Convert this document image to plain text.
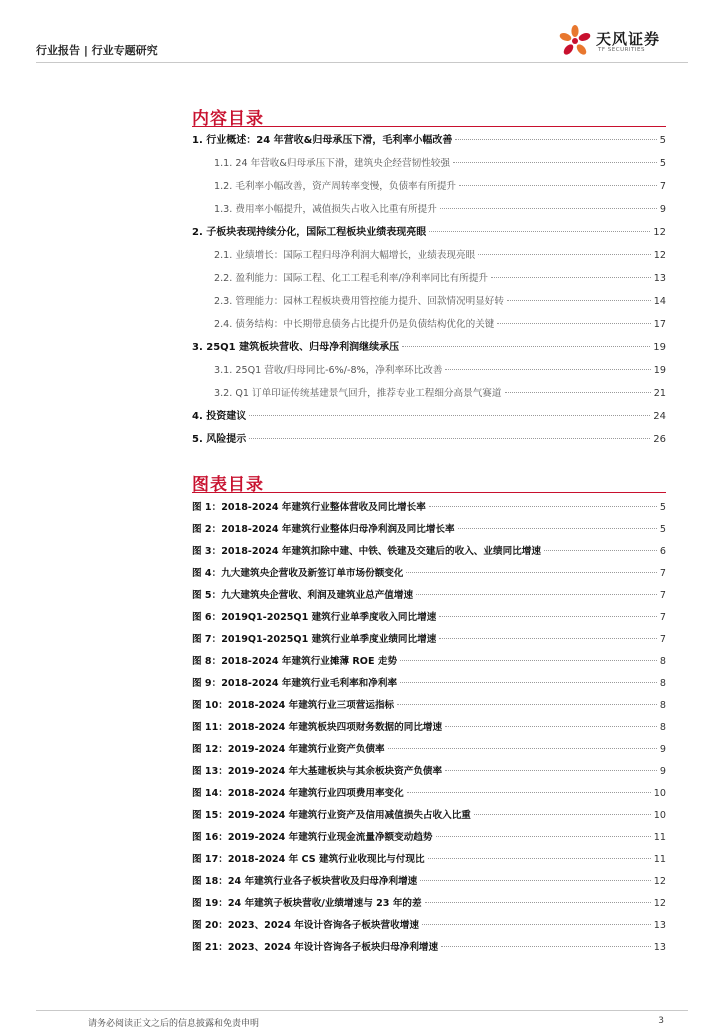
行业报告 | 行业专题研究
天风证券
TF SECURITIES
内容目录
1. 行业概述：24 年营收&归母承压下滑，毛利率小幅改善	5
1.1. 24 年营收&归母承压下滑，建筑央企经营韧性较强	5
1.2. 毛利率小幅改善，资产周转率变慢，负债率有所提升	7
1.3. 费用率小幅提升，减值损失占收入比重有所提升	9
2. 子板块表现持续分化，国际工程板块业绩表现亮眼	12
2.1. 业绩增长：国际工程归母净利润大幅增长，业绩表现亮眼	12
2.2. 盈利能力：国际工程、化工工程毛利率/净利率同比有所提升	13
2.3. 管理能力：园林工程板块费用管控能力提升、回款情况明显好转	14
2.4. 债务结构：中长期带息债务占比提升仍是负债结构优化的关键	17
3. 25Q1 建筑板块营收、归母净利润继续承压	19
3.1. 25Q1 营收/归母同比-6%/-8%，净利率环比改善	19
3.2. Q1 订单印证传统基建景气回升，推荐专业工程细分高景气赛道	21
4. 投资建议	24
5. 风险提示	26
图表目录
图 1：2018-2024 年建筑行业整体营收及同比增长率	5
图 2：2018-2024 年建筑行业整体归母净利润及同比增长率	5
图 3：2018-2024 年建筑扣除中建、中铁、铁建及交建后的收入、业绩同比增速	6
图 4：九大建筑央企营收及新签订单市场份额变化	7
图 5：九大建筑央企营收、利润及建筑业总产值增速	7
图 6：2019Q1-2025Q1 建筑行业单季度收入同比增速	7
图 7：2019Q1-2025Q1 建筑行业单季度业绩同比增速	7
图 8：2018-2024 年建筑行业摊薄 ROE 走势	8
图 9：2018-2024 年建筑行业毛利率和净利率	8
图 10：2018-2024 年建筑行业三项营运指标	8
图 11：2018-2024 年建筑板块四项财务数据的同比增速	8
图 12：2019-2024 年建筑行业资产负债率	9
图 13：2019-2024 年大基建板块与其余板块资产负债率	9
图 14：2018-2024 年建筑行业四项费用率变化	10
图 15：2019-2024 年建筑行业资产及信用减值损失占收入比重	10
图 16：2019-2024 年建筑行业现金流量净额变动趋势	11
图 17：2018-2024 年 CS 建筑行业收现比与付现比	11
图 18：24 年建筑行业各子板块营收及归母净利增速	12
图 19：24 年建筑子板块营收/业绩增速与 23 年的差	12
图 20：2023、2024 年设计咨询各子板块营收增速	13
图 21：2023、2024 年设计咨询各子板块归母净利增速	13
请务必阅读正文之后的信息披露和免责申明	3
